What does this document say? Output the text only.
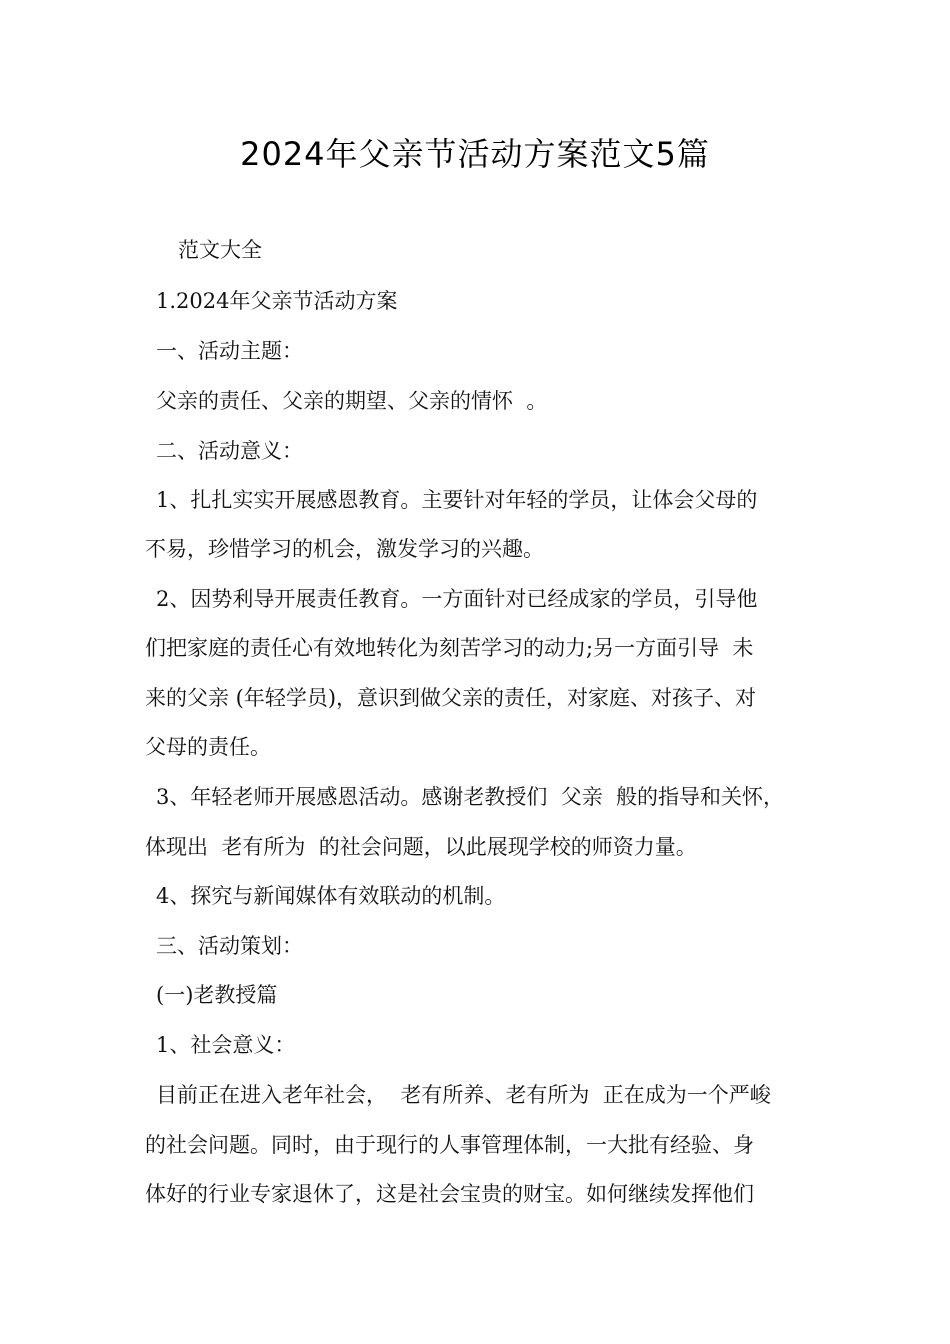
2024年父亲节活动方案范文5篇
范文大全
1.2024年父亲节活动方案
一、活动主题：
父亲的责任、父亲的期望、父亲的情怀  。
二、活动意义：
1、扎扎实实开展感恩教育。主要针对年轻的学员，让体会父母的
不易，珍惜学习的机会，激发学习的兴趣。
2、因势利导开展责任教育。一方面针对已经成家的学员，引导他
们把家庭的责任心有效地转化为刻苦学习的动力;另一方面引导  未
来的父亲 (年轻学员)，意识到做父亲的责任，对家庭、对孩子、对
父母的责任。
3、年轻老师开展感恩活动。感谢老教授们  父亲  般的指导和关怀，
体现出  老有所为  的社会问题，以此展现学校的师资力量。
4、探究与新闻媒体有效联动的机制。
三、活动策划：
(一)老教授篇
1、社会意义：
目前正在进入老年社会，  老有所养、老有所为  正在成为一个严峻
的社会问题。同时，由于现行的人事管理体制，一大批有经验、身
体好的行业专家退休了，这是社会宝贵的财宝。如何继续发挥他们
